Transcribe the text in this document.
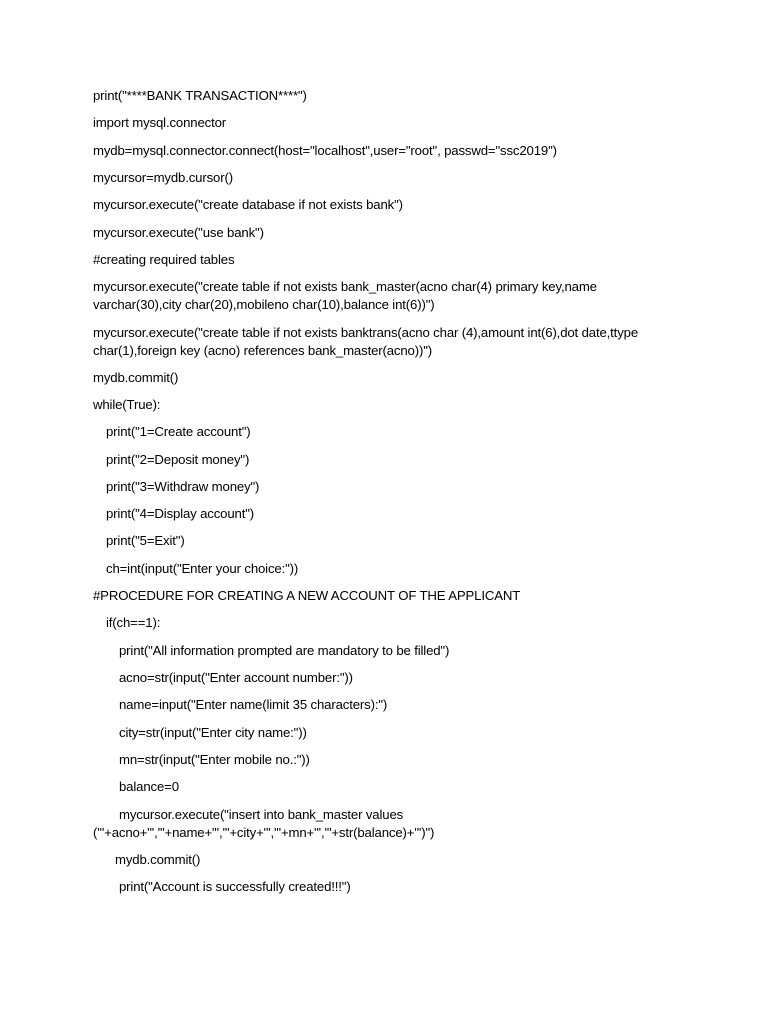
print("****BANK TRANSACTION****")
import mysql.connector
mydb=mysql.connector.connect(host="localhost",user="root", passwd="ssc2019")
mycursor=mydb.cursor()
mycursor.execute("create database if not exists bank")
mycursor.execute("use bank")
#creating required tables
mycursor.execute("create table if not exists bank_master(acno char(4) primary key,name varchar(30),city char(20),mobileno char(10),balance int(6))")
mycursor.execute("create table if not exists banktrans(acno char (4),amount int(6),dot date,ttype char(1),foreign key (acno) references bank_master(acno))")
mydb.commit()
while(True):
print("1=Create account")
print("2=Deposit money")
print("3=Withdraw money")
print("4=Display account")
print("5=Exit")
ch=int(input("Enter your choice:"))
#PROCEDURE FOR CREATING A NEW ACCOUNT OF THE APPLICANT
if(ch==1):
print("All information prompted are mandatory to be filled")
acno=str(input("Enter account number:"))
name=input("Enter name(limit 35 characters):")
city=str(input("Enter city name:"))
mn=str(input("Enter mobile no.:"))
balance=0
mycursor.execute("insert into bank_master values ('"+acno+"','"+name+"','"+city+"','"+mn+"','"+str(balance)+"')")
mydb.commit()
print("Account is successfully created!!!")
